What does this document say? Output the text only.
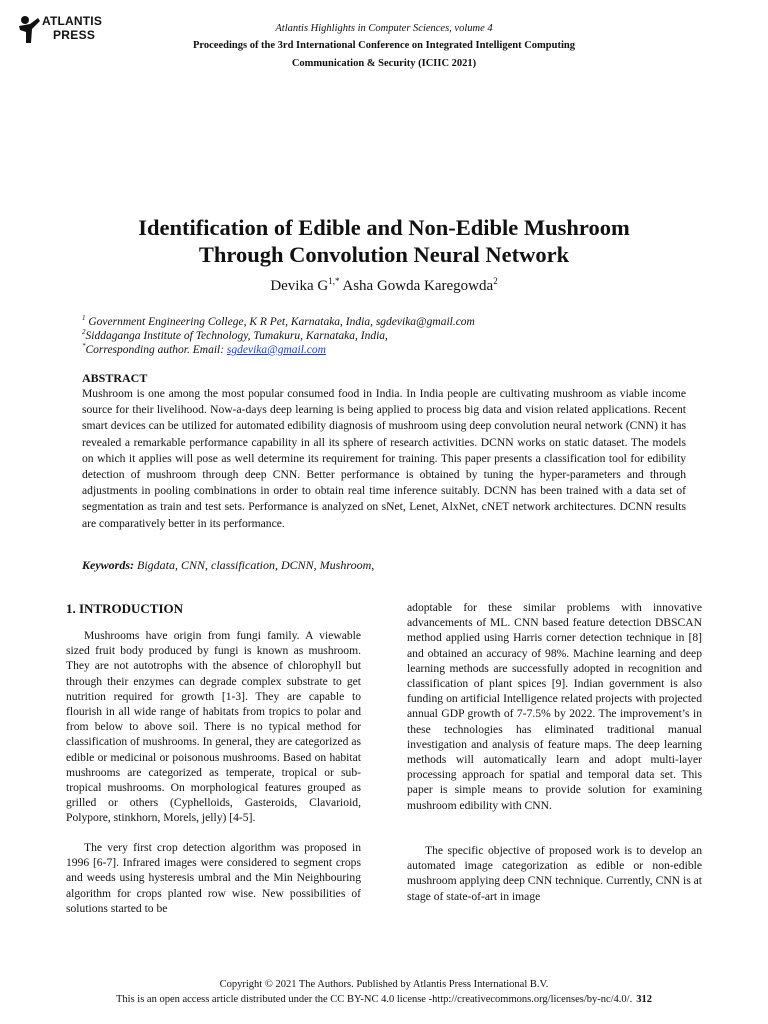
ATLANTIS
PRESS	Atlantis Highlights in Computer Sciences, volume 4
Proceedings of the 3rd International Conference on Integrated Intelligent Computing
Communication & Security (ICIIC 2021)
Identification of Edible and Non-Edible Mushroom
Through Convolution Neural Network
Devika $G^{1,*}$ Asha Gowda Karegowda$^2$
$^1$ Government Engineering College, K R Pet, Karnataka, India, sgdevika@gmail.com
$^2$Siddaganga Institute of Technology, Tumakuru, Karnataka, India,
*Corresponding author. Email: sgdevika@gmail.com
ABSTRACT
Mushroom is one among the most popular consumed food in India. In India people are cultivating mushroom as viable income source for their livelihood. Now-a-days deep learning is being applied to process big data and vision related applications. Recent smart devices can be utilized for automated edibility diagnosis of mushroom using deep convolution neural network (CNN) it has revealed a remarkable performance capability in all its sphere of research activities. DCNN works on static dataset. The models on which it applies will pose as well determine its requirement for training. This paper presents a classification tool for edibility detection of mushroom through deep CNN. Better performance is obtained by tuning the hyper-parameters and through adjustments in pooling combinations in order to obtain real time inference suitably. DCNN has been trained with a data set of segmentation as train and test sets. Performance is analyzed on sNet, Lenet, AlxNet, cNET network architectures. DCNN results are comparatively better in its performance.
Keywords: Bigdata, CNN, classification, DCNN, Mushroom,
1. INTRODUCTION

Mushrooms have origin from fungi family. A viewable sized fruit body produced by fungi is known as mushroom. They are not autotrophs with the absence of chlorophyll but through their enzymes can degrade complex substrate to get nutrition required for growth [1-3]. They are capable to flourish in all wide range of habitats from tropics to polar and from below to above soil. There is no typical method for classification of mushrooms. In general, they are categorized as edible or medicinal or poisonous mushrooms. Based on habitat mushrooms are categorized as temperate, tropical or sub-tropical mushrooms. On morphological features grouped as grilled or others (Cyphelloids, Gasteroids, Clavarioid, Polypore, stinkhorn, Morels, jelly) [4-5].

The very first crop detection algorithm was proposed in 1996 [6-7]. Infrared images were considered to segment crops and weeds using hysteresis umbral and the Min Neighbouring algorithm for crops planted row wise. New possibilities of solutions started to be

adoptable for these similar problems with innovative advancements of ML. CNN based feature detection DBSCAN method applied using Harris corner detection technique in [8] and obtained an accuracy of 98%. Machine learning and deep learning methods are successfully adopted in recognition and classification of plant spices [9]. Indian government is also funding on artificial Intelligence related projects with projected annual GDP growth of 7-7.5% by 2022. The improvement’s in these technologies has eliminated traditional manual investigation and analysis of feature maps. The deep learning methods will automatically learn and adopt multi-layer processing approach for spatial and temporal data set. This paper is simple means to provide solution for examining mushroom edibility with CNN.

The specific objective of proposed work is to develop an automated image categorization as edible or non-edible mushroom applying deep CNN technique. Currently, CNN is at stage of state-of-art in image

Copyright © 2021 The Authors. Published by Atlantis Press International B.V.
This is an open access article distributed under the CC BY-NC 4.0 license -http://creativecommons.org/licenses/by-nc/4.0/. 312
